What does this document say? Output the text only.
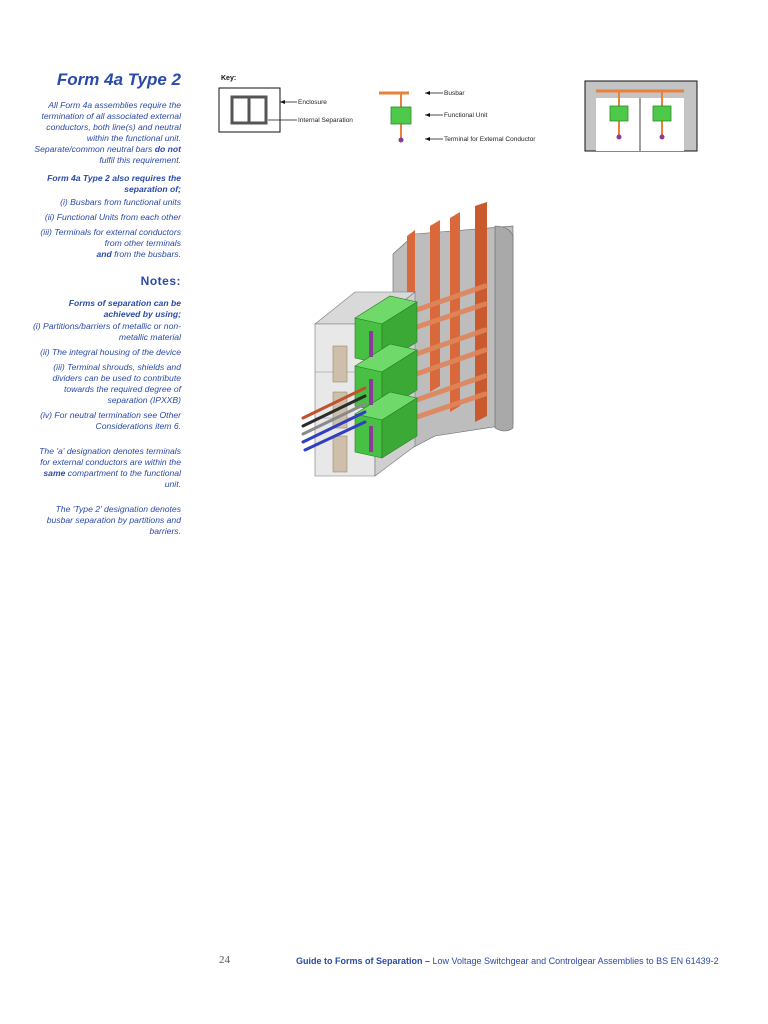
Form 4a Type 2

All Form 4a assemblies require the termination of all associated external conductors, both line(s) and neutral within the functional unit. Separate/common neutral bars do not fulfil this requirement.

Form 4a Type 2 also requires the separation of;

(i) Busbars from functional units
(ii) Functional Units from each other
(iii) Terminals for external conductors from other terminals
and from the busbars.
Notes:

Forms of separation can be achieved by using;

(i) Partitions/barriers of metallic or non-metallic material
(ii) The integral housing of the device
(iii) Terminal shrouds, shields and dividers can be used to contribute towards the required degree of separation (IPXXB)
(iv) For neutral termination see Other Considerations item 6.

The 'a' designation denotes terminals for external conductors are within the same compartment to the functional unit.

The 'Type 2' designation denotes busbar separation by partitions and barriers.

Key:
Enclosure
Internal Separation
Busbar
Functional Unit
Terminal for External Conductor
24	Guide to Forms of Separation – Low Voltage Switchgear and Controlgear Assemblies to BS EN 61439-2
